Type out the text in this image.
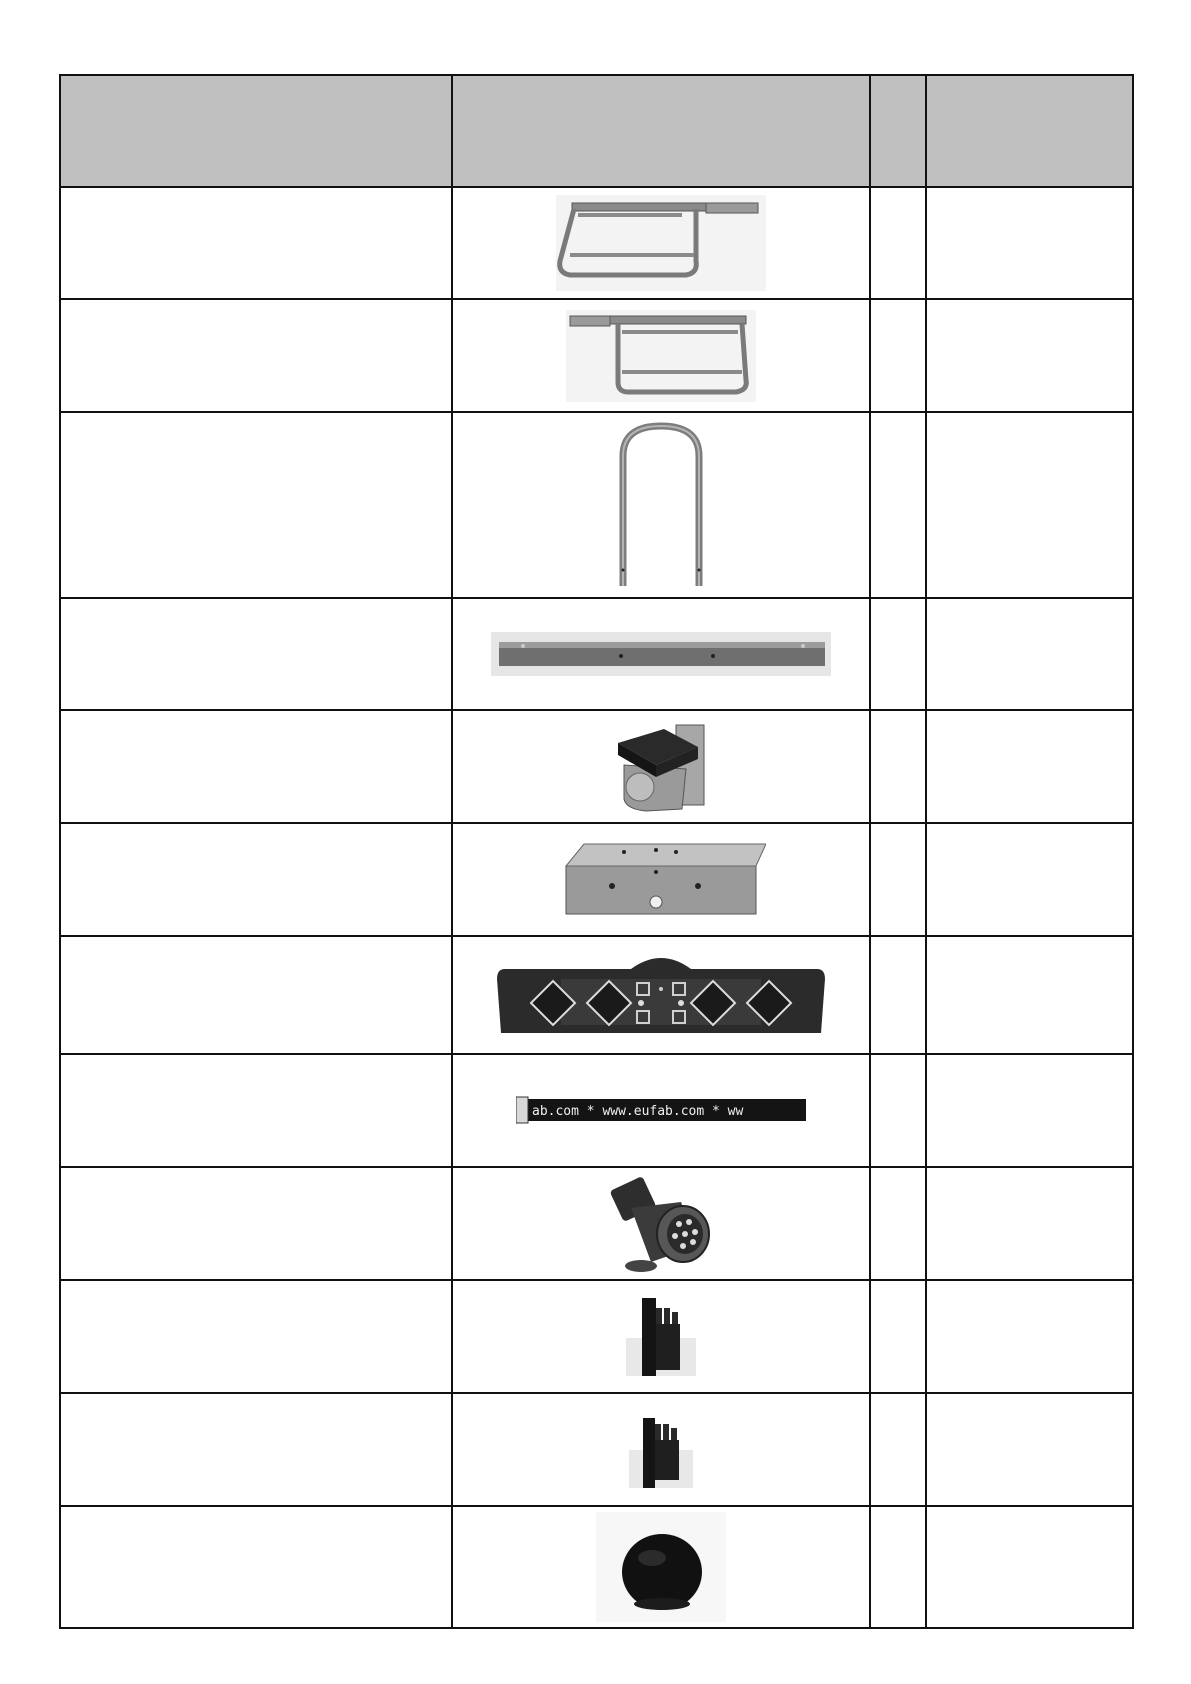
ab.com * www.eufab.com * ww		
